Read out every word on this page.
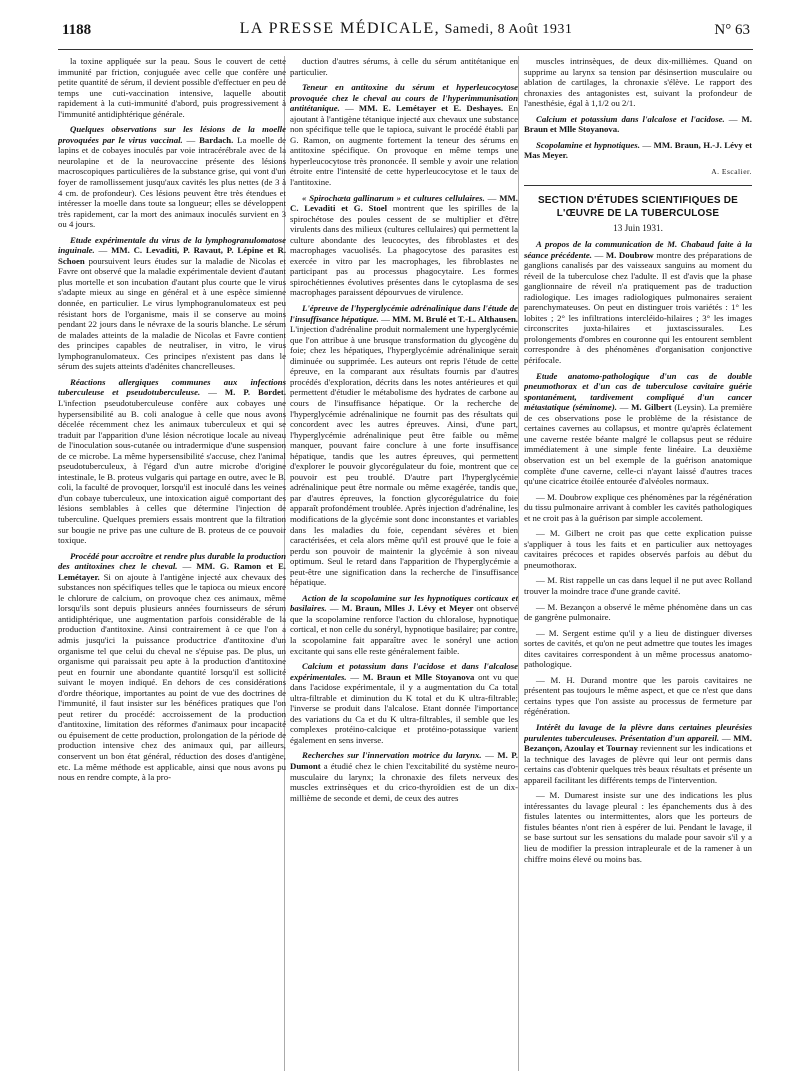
1188	LA PRESSE MÉDICALE, Samedi, 8 Août 1931	N° 63

la toxine appliquée sur la peau. Sous le couvert de cette immunité par friction, conjuguée avec celle que confère une petite quantité de sérum, il devient possible d'effectuer en peu de temps une cuti-vaccination intensive, laquelle aboutit rapidement à la cuti-immunité d'abord, puis progressivement à l'immunité antidiphtérique générale.

Quelques observations sur les lésions de la moelle provoquées par le virus vaccinal. — Bardach. La moelle de lapins et de cobayes inoculés par voie intracérébrale avec de la neurolapine et de la neurovaccine présente des lésions macroscopiques particulières de la substance grise, qui vont d'un foyer de ramollissement jusqu'aux cavités les plus nettes (de 3 à 4 cm. de profondeur). Ces lésions peuvent être très étendues et intéresser la moelle dans toute sa longueur; elles se développent très rapidement, car la mort des animaux inoculés survient en 3 ou 4 jours.

Etude expérimentale du virus de la lymphogranulomatose inguinale. — MM. C. Levaditi, P. Ravaut, P. Lépine et R. Schoen poursuivent leurs études sur la maladie de Nicolas et Favre ont observé que la maladie expérimentale devient d'autant plus mortelle et son incubation d'autant plus courte que le virus s'adapte mieux au singe en général et à une espèce simienne donnée, en particulier. Le virus lymphogranulomateux est peu résistant hors de l'organisme, mais il se conserve au moins pendant 22 jours dans le névraxe de la souris blanche. Le sérum de malades atteints de la maladie de Nicolas et Favre contient des principes capables de neutraliser, in vitro, le virus lymphogranulomateux. Ces principes n'existent pas dans le sérum des sujets atteints d'adénites chancrelleuses.

Réactions allergiques communes aux infections tuberculeuse et pseudotuberculeuse. — M. P. Bordet. L'infection pseudotuberculeuse confère aux cobayes une hypersensibilité au B. coli analogue à celle que nous avons décelée récemment chez les animaux tuberculeux et qui se traduit par l'apparition d'une lésion nécrotique locale au niveau de l'inoculation sous-cutanée ou intradermique d'une suspension de ce microbe. La même hypersensibilité s'accuse, chez l'animal pseudotuberculeux, à l'égard d'un autre microbe d'origine intestinale, le B. proteus vulgaris qui partage en outre, avec le B. coli, la faculté de provoquer, lorsqu'il est inoculé dans les veines d'un cobaye tuberculeux, une intoxication aiguë comportant des lésions semblables à celles que détermine l'injection de tuberculine. Quelques premiers essais montrent que la filtration sur bougie ne prive pas une culture de B. proteus de ce pouvoir toxique.

Procédé pour accroître et rendre plus durable la production des antitoxines chez le cheval. — MM. G. Ramon et E. Lemétayer. Si on ajoute à l'antigène injecté aux chevaux des substances non spécifiques telles que le tapioca ou mieux encore le chlorure de calcium, on provoque chez ces animaux, même lorsqu'ils sont depuis plusieurs années fournisseurs de sérum antidiphtérique, une augmentation parfois considérable de la production d'antitoxine. Ainsi contrairement à ce que l'on a admis jusqu'ici la puissance productrice d'antitoxine d'un organisme tel que celui du cheval ne s'épuise pas. De plus, un organisme qui paraissait peu apte à la production d'antitoxine peut en fournir une abondante quantité lorsqu'il est sollicité suivant le moyen indiqué. En dehors de ces considérations d'ordre théorique, importantes au point de vue des doctrines de l'immunité, il faut insister sur les bénéfices pratiques que l'on peut retirer du procédé: accroissement de la production d'antitoxine, limitation des réformes d'animaux pour incapacité ou épuisement de cette production, prolongation de la période de production intensive chez des animaux qui, par ailleurs, conservent un bon état général, réduction des doses d'antigène, etc. La même méthode est applicable, ainsi que nous avons pu nous en rendre compte, à la pro-

duction d'autres sérums, à celle du sérum antitétanique en particulier.

Teneur en antitoxine du sérum et hyperleucocytose provoquée chez le cheval au cours de l'hyperimmunisation antitétanique. — MM. E. Lemétayer et E. Deshayes. En ajoutant à l'antigène tétanique injecté aux chevaux une substance non spécifique telle que le tapioca, suivant le procédé établi par G. Ramon, on augmente fortement la teneur des sérums en antitoxine spécifique. On provoque en même temps une hyperleucocytose très prononcée. Il semble y avoir une relation étroite entre l'intensité de cette hyperleucocytose et le taux de l'antitoxine.

« Spirochæta gallinarum » et cultures cellulaires. — MM. C. Levaditi et G. Stoel montrent que les spirilles de la spirochétose des poules cessent de se multiplier et d'être virulents dans des milieux (cultures cellulaires) qui permettent la culture abondante des leucocytes, des fibroblastes et des macrophages vacuolisés. La phagocytose des parasites est exercée in vitro par les macrophages, les fibroblastes ne participant pas au processus phagocytaire. Les formes spirochétiennes évolutives présentes dans le cytoplasma de ses macrophages paraissent dépourvues de virulence.

L'épreuve de l'hyperglycémie adrénalinique dans l'étude de l'insuffisance hépatique. — MM. M. Brulé et T.-L. Althausen. L'injection d'adrénaline produit normalement une hyperglycémie que l'on attribue à une brusque transformation du glycogène du foie; chez les hépatiques, l'hyperglycémie adrénalinique serait diminuée ou supprimée. Les auteurs ont repris l'étude de cette épreuve, en la comparant aux résultats fournis par d'autres procédés d'exploration, décrits dans les notes antérieures et qui permettent d'étudier le métabolisme des hydrates de carbone au cours de l'insuffisance hépatique. Or la recherche de l'hyperglycémie adrénalinique ne fournit pas des résultats qui concordent avec les autres épreuves. Ainsi, d'une part, l'hyperglycémie adrénalinique peut être faible ou même manquer, pouvant faire conclure à une forte insuffisance hépatique, tandis que les autres épreuves, qui permettent d'explorer le pouvoir glycorégulateur du foie, montrent que ce pouvoir est peu troublé. D'autre part l'hyperglycémie adrénalinique peut être normale ou même exagérée, tandis que, par d'autres épreuves, la fonction glycorégulatrice du foie apparaît profondément troublée. Après injection d'adrénaline, les modifications de la glycémie sont donc inconstantes et variables dans les maladies du foie, cependant sévères et bien caractérisées, et cela alors même qu'il est prouvé que le foie a perdu son pouvoir de maintenir la glycémie à son niveau optimum. Seul le retard dans l'apparition de l'hyperglycémie a peut-être une signification dans la recherche de l'insuffisance hépatique.

Action de la scopolamine sur les hypnotiques corticaux et basilaires. — M. Braun, Mlles J. Lévy et Meyer ont observé que la scopolamine renforce l'action du chloralose, hypnotique cortical, et non celle du sonéryl, hypnotique basilaire; par contre, la scopolamine fait apparaître avec le sonéryl une action excitante qui sans elle reste généralement faible.

Calcium et potassium dans l'acidose et dans l'alcalose expérimentales. — M. Braun et Mlle Stoyanova ont vu que dans l'acidose expérimentale, il y a augmentation du Ca total ultra-filtrable et diminution du K total et du K ultra-filtrable; l'inverse se produit dans l'alcalose. Etant donnée l'importance des variations du Ca et du K ultra-filtrables, il semble que les complexes protéino-calcique et protéino-potassique varient également en sens inverse.

Recherches sur l'innervation motrice du larynx. — M. P. Dumont a étudié chez le chien l'excitabilité du système neuro-musculaire du larynx; la chronaxie des filets nerveux des muscles extrinsèques et du crico-thyroïdien est de un dix-millième de seconde et demi, de ceux des autres

muscles intrinsèques, de deux dix-millièmes. Quand on supprime au larynx sa tension par désinsertion musculaire ou ablation de cartilages, la chronaxie s'élève. Le rapport des chronaxies des antagonistes est, suivant la profondeur de l'anesthésie, égal à 1,1/2 ou 2/1.

Calcium et potassium dans l'alcalose et l'acidose. — M. Braun et Mlle Stoyanova.

Scopolamine et hypnotiques. — MM. Braun, H.-J. Lévy et Mas Meyer.

A. Escalier.

SECTION D'ÉTUDES SCIENTIFIQUES DE L'ŒUVRE DE LA TUBERCULOSE

13 Juin 1931.

A propos de la communication de M. Chabaud faite à la séance précédente. — M. Doubrow montre des préparations de ganglions canalisés par des vaisseaux sanguins au moment du réveil de la tuberculose chez l'adulte. Il est d'avis que la phase ganglionnaire de réveil n'a pratiquement pas de traduction radiologique. Les images radiologiques pulmonaires seraient parenchymateuses. On peut en distinguer trois variétés : 1° les lobites ; 2° les infiltrations intercléido-hilaires ; 3° les images circonscrites juxta-hilaires et juxtascissurales. Les prolongements d'ombres en couronne qui les entourent semblent correspondre à des phénomènes d'organisation conjonctive périfocale.

Etude anatomo-pathologique d'un cas de double pneumothorax et d'un cas de tuberculose cavitaire guérie spontanément, tardivement compliqué d'un cancer métastatique (séminome). — M. Gilbert (Leysin). La première de ces observations pose le problème de la résistance de certaines cavernes au collapsus, et montre qu'après éclatement une caverne restée béante malgré le collapsus peut se réduire immédiatement à une simple fente linéaire. La deuxième observation est un bel exemple de la guérison anatomique complète d'une caverne, celle-ci n'ayant laissé d'autres traces qu'une cicatrice étoilée entourée d'alvéoles normaux.

— M. Doubrow explique ces phénomènes par la régénération du tissu pulmonaire arrivant à combler les cavités pathologiques et ne croit pas à la guérison par simple accolement.

— M. Gilbert ne croit pas que cette explication puisse s'appliquer à tous les faits et en particulier aux nettoyages cavitaires précoces et rapides observés parfois au début du pneumothorax.

— M. Rist rappelle un cas dans lequel il ne put avec Rolland trouver la moindre trace d'une grande cavité.

— M. Bezançon a observé le même phénomène dans un cas de gangrène pulmonaire.

— M. Sergent estime qu'il y a lieu de distinguer diverses sortes de cavités, et qu'on ne peut admettre que toutes les images dites cavitaires correspondent à un même processus anatomo-pathologique.

— M. H. Durand montre que les parois cavitaires ne présentent pas toujours le même aspect, et que ce n'est que dans certains types que l'on assiste au processus de fermeture par régénération.

Intérêt du lavage de la plèvre dans certaines pleurésies purulentes tuberculeuses. Présentation d'un appareil. — MM. Bezançon, Azoulay et Tournay reviennent sur les indications et la technique des lavages de plèvre qui leur ont permis dans certains cas d'obtenir quelques très beaux résultats et présente un appareil facilitant les différents temps de l'intervention.

— M. Dumarest insiste sur une des indications les plus intéressantes du lavage pleural : les épanchements dus à des fistules latentes ou intermittentes, alors que les porteurs de fistules béantes n'ont rien à espérer de lui. Pendant le lavage, il se base surtout sur les sensations du malade pour savoir s'il y a lieu de modifier la pression intrapleurale et de la ramener à un chiffre moins élevé ou moins bas.
